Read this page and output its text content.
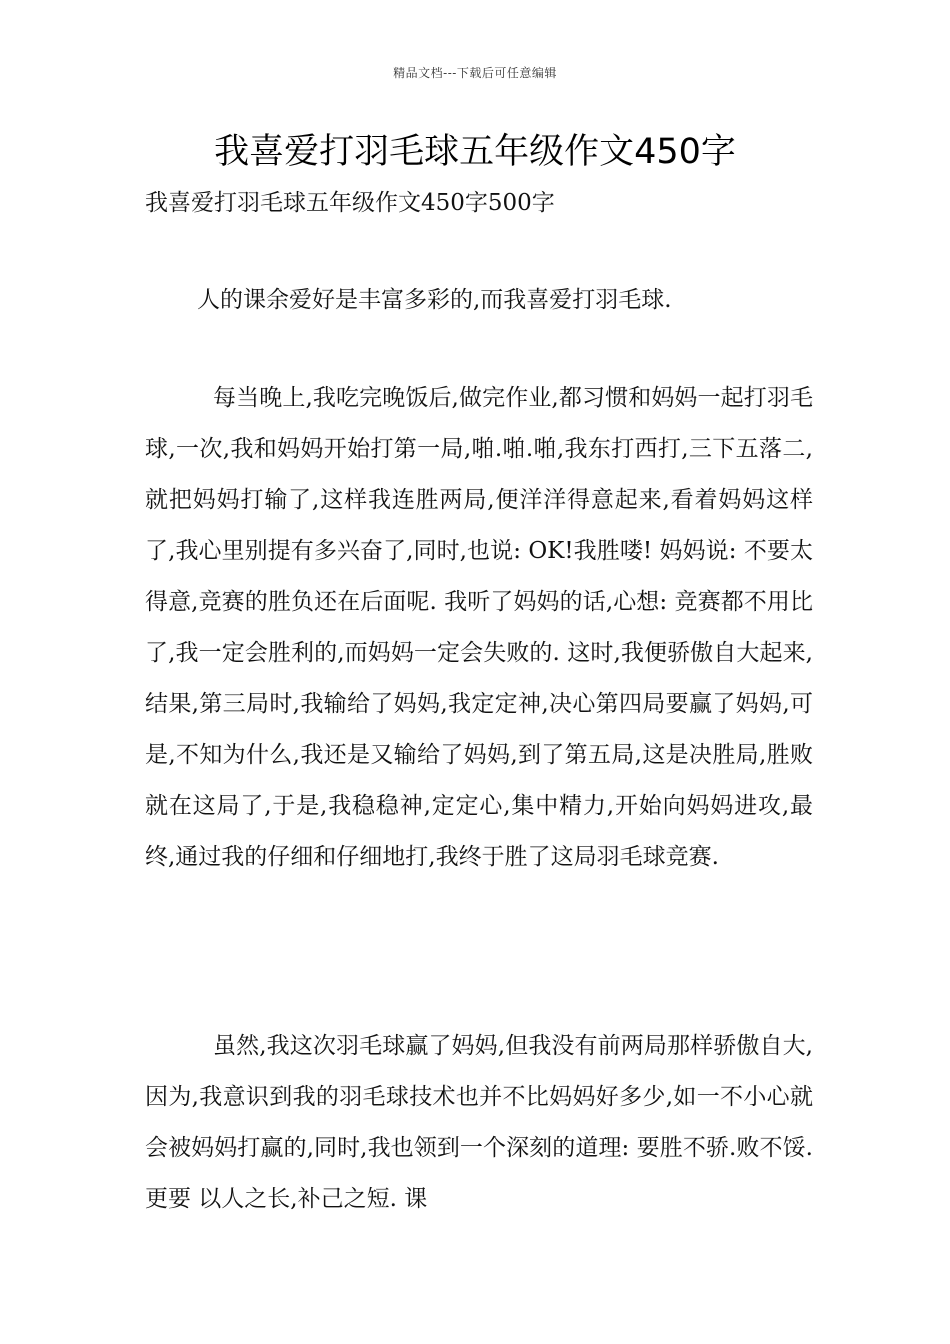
精品文档---下载后可任意编辑
我喜爱打羽毛球五年级作文450字

我喜爱打羽毛球五年级作文450字500字

人的课余爱好是丰富多彩的,而我喜爱打羽毛球.

每当晚上,我吃完晚饭后,做完作业,都习惯和妈妈一起打羽毛球,一次,我和妈妈开始打第一局,啪.啪.啪,我东打西打,三下五落二,就把妈妈打输了,这样我连胜两局,便洋洋得意起来,看着妈妈这样了,我心里别提有多兴奋了,同时,也说: OK!我胜喽! 妈妈说: 不要太得意,竞赛的胜负还在后面呢. 我听了妈妈的话,心想: 竞赛都不用比了,我一定会胜利的,而妈妈一定会失败的. 这时,我便骄傲自大起来,结果,第三局时,我输给了妈妈,我定定神,决心第四局要赢了妈妈,可是,不知为什么,我还是又输给了妈妈,到了第五局,这是决胜局,胜败就在这局了,于是,我稳稳神,定定心,集中精力,开始向妈妈进攻,最终,通过我的仔细和仔细地打,我终于胜了这局羽毛球竞赛.

虽然,我这次羽毛球赢了妈妈,但我没有前两局那样骄傲自大,因为,我意识到我的羽毛球技术也并不比妈妈好多少,如一不小心就会被妈妈打赢的,同时,我也领到一个深刻的道理: 要胜不骄.败不馁. 更要 以人之长,补己之短. 课
